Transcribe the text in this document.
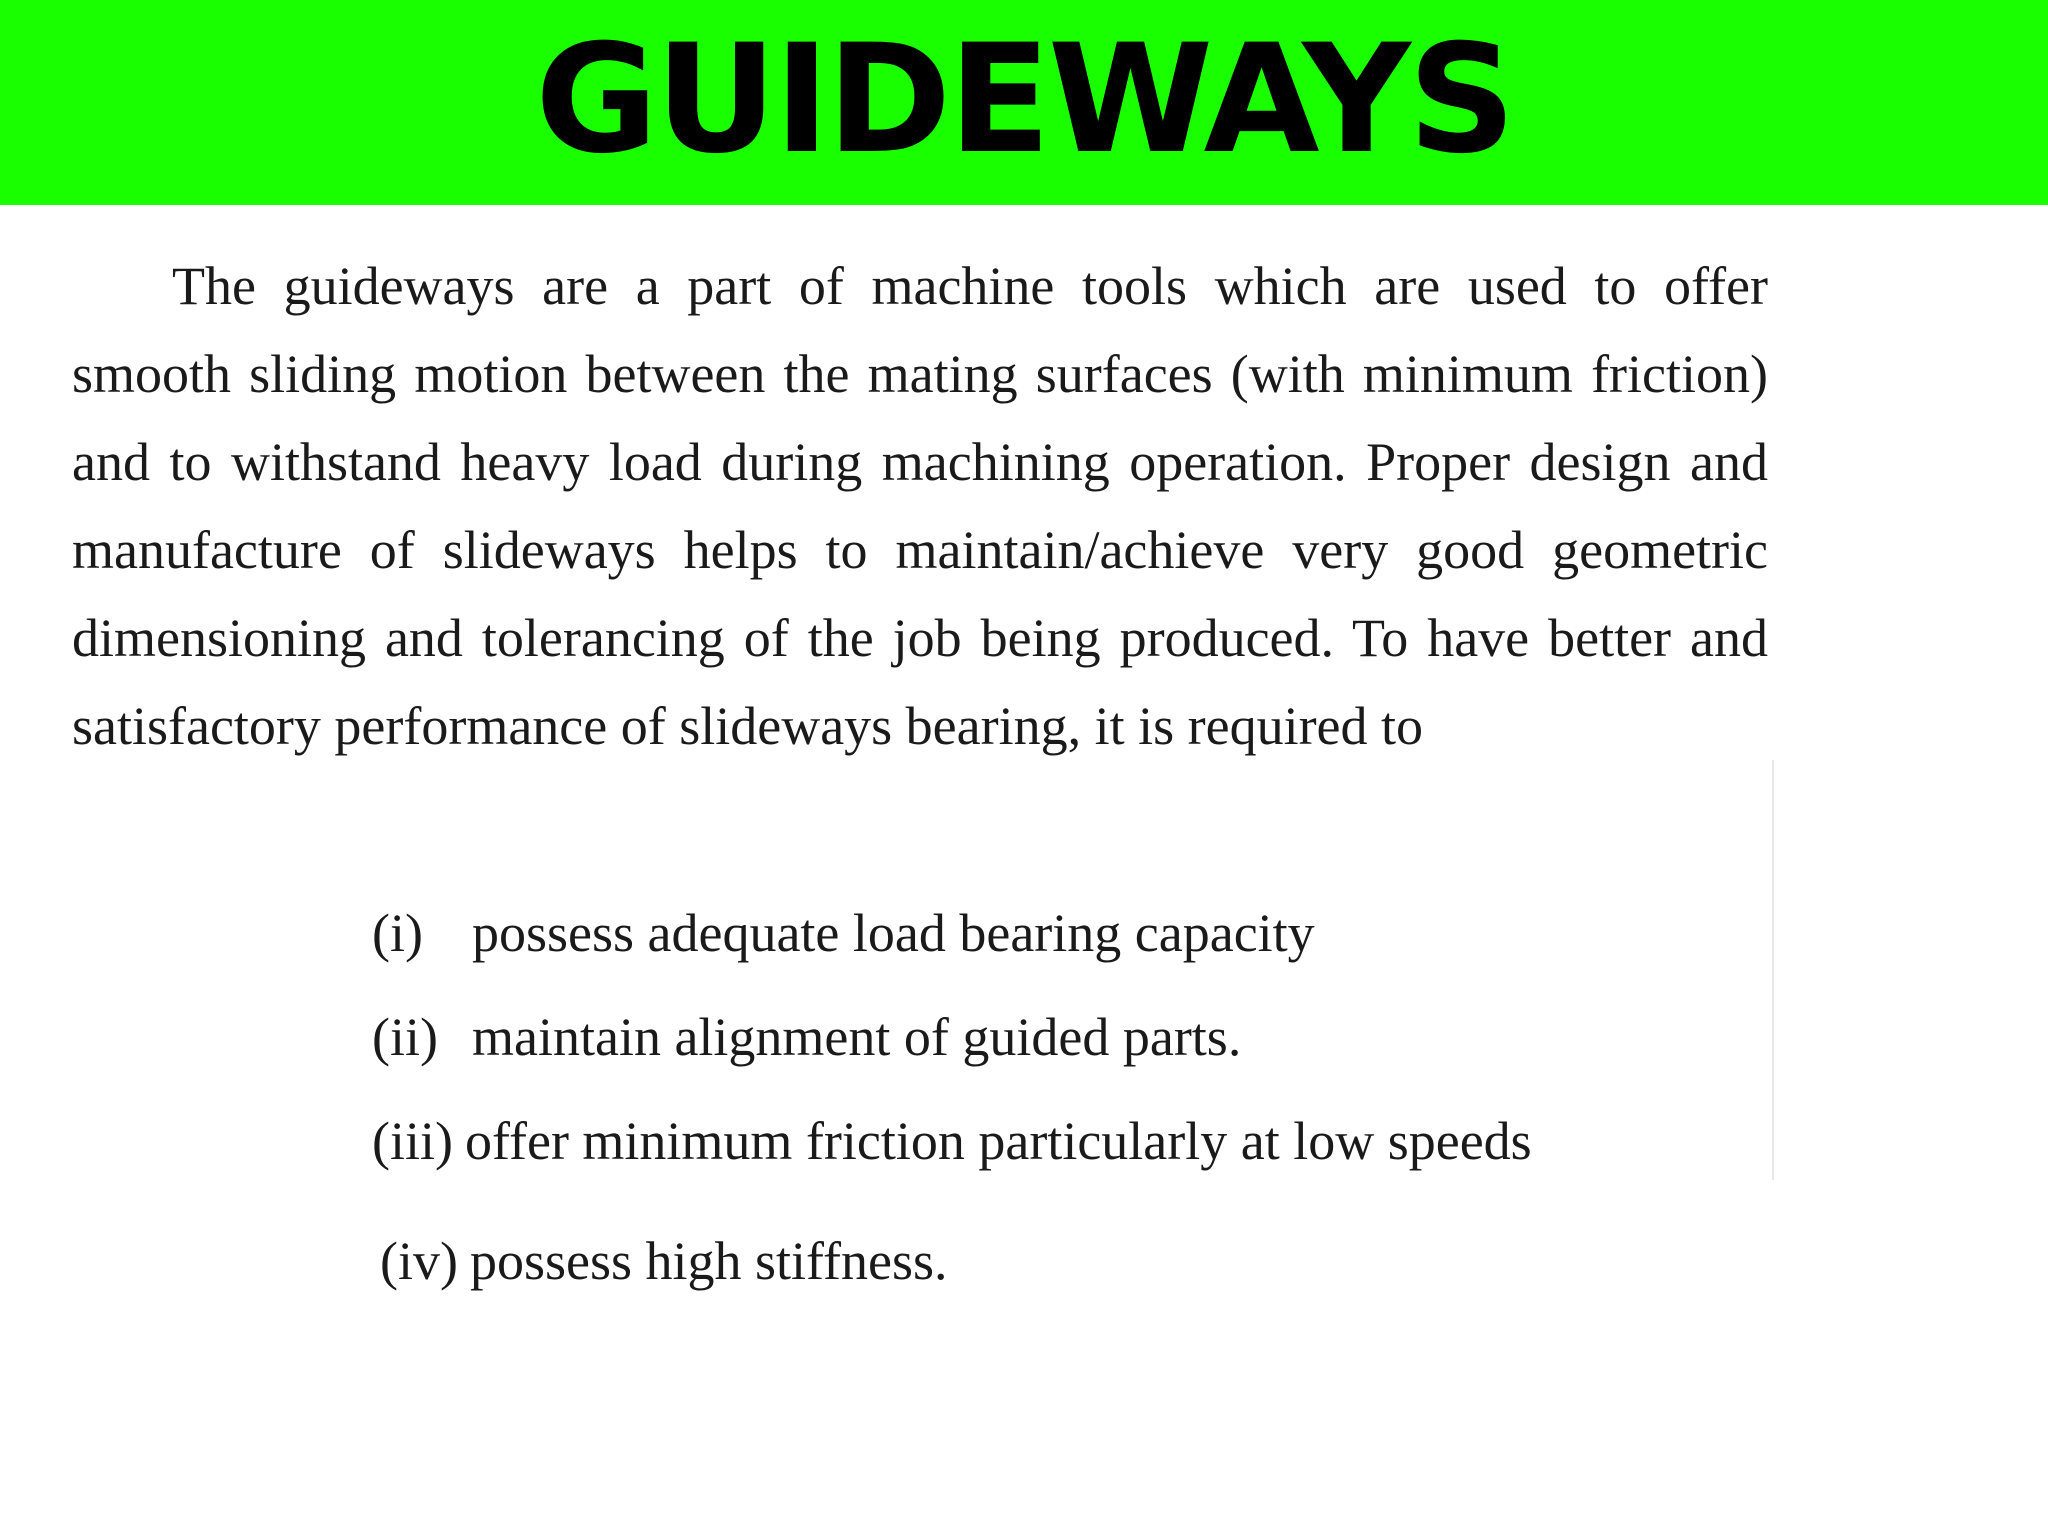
GUIDEWAYS

The guideways are a part of machine tools which are used to offer smooth sliding motion between the mating surfaces (with minimum friction) and to withstand heavy load during machining operation. Proper design and manufacture of slideways helps to maintain/achieve very good geometric dimensioning and tolerancing of the job being produced. To have better and satisfactory performance of slideways bearing, it is required to

(i) possess adequate load bearing capacity
(ii) maintain alignment of guided parts.
(iii) offer minimum friction particularly at low speeds
(iv) possess high stiffness.
